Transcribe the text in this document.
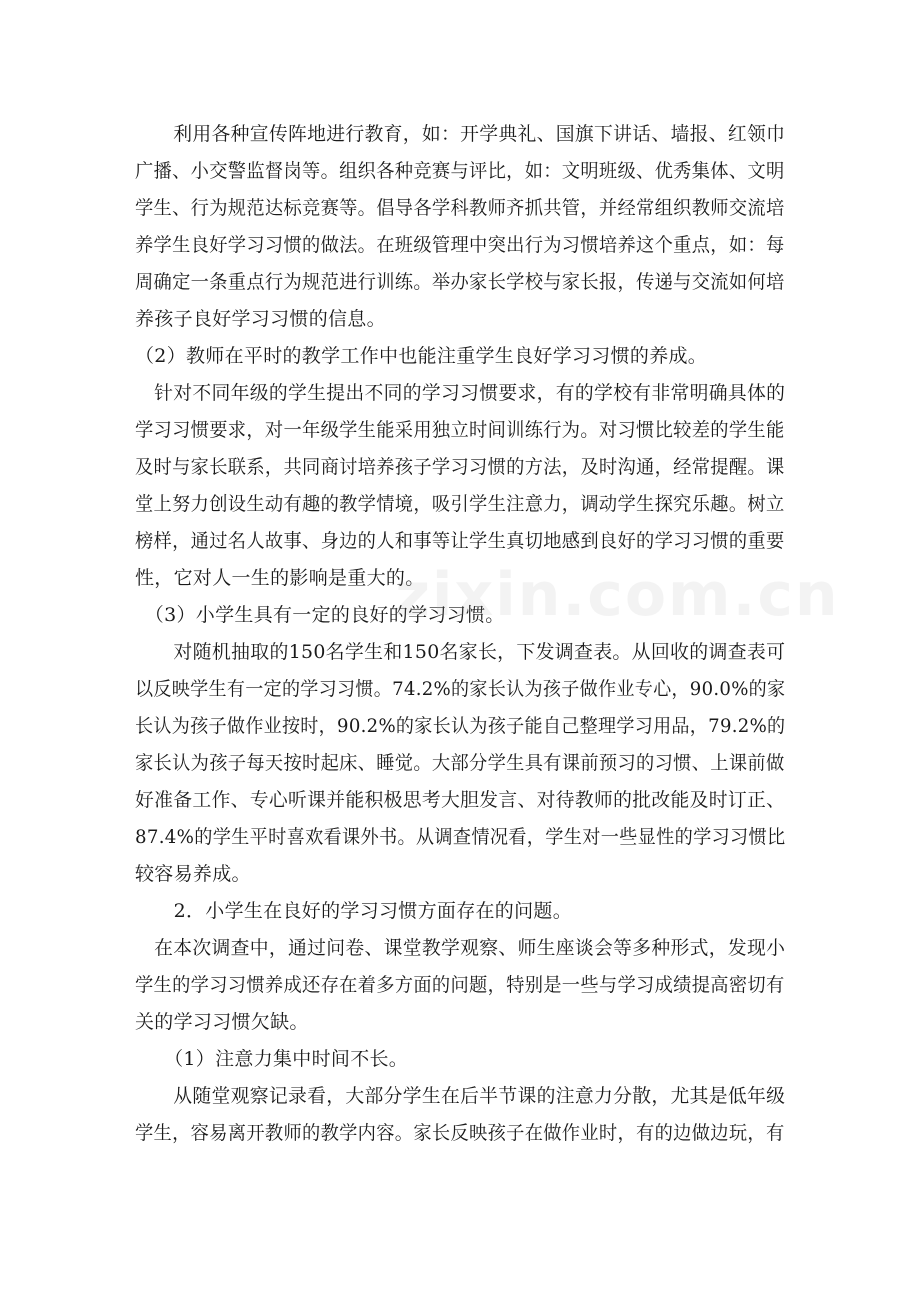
　　利用各种宣传阵地进行教育，如：开学典礼、国旗下讲话、墙报、红领巾
广播、小交警监督岗等。组织各种竞赛与评比，如：文明班级、优秀集体、文明
学生、行为规范达标竞赛等。倡导各学科教师齐抓共管，并经常组织教师交流培
养学生良好学习习惯的做法。在班级管理中突出行为习惯培养这个重点，如：每
周确定一条重点行为规范进行训练。举办家长学校与家长报，传递与交流如何培
养孩子良好学习习惯的信息。
（2）教师在平时的教学工作中也能注重学生良好学习习惯的养成。
　针对不同年级的学生提出不同的学习习惯要求，有的学校有非常明确具体的
学习习惯要求，对一年级学生能采用独立时间训练行为。对习惯比较差的学生能
及时与家长联系，共同商讨培养孩子学习习惯的方法，及时沟通，经常提醒。课
堂上努力创设生动有趣的教学情境，吸引学生注意力，调动学生探究乐趣。树立
榜样，通过名人故事、身边的人和事等让学生真切地感到良好的学习习惯的重要
性，它对人一生的影响是重大的。
　（3）小学生具有一定的良好的学习习惯。
　　对随机抽取的150名学生和150名家长，下发调查表。从回收的调查表可
以反映学生有一定的学习习惯。74.2%的家长认为孩子做作业专心，90.0%的家
长认为孩子做作业按时，90.2%的家长认为孩子能自己整理学习用品，79.2%的
家长认为孩子每天按时起床、睡觉。大部分学生具有课前预习的习惯、上课前做
好准备工作、专心听课并能积极思考大胆发言、对待教师的批改能及时订正、
87.4%的学生平时喜欢看课外书。从调查情况看，学生对一些显性的学习习惯比
较容易养成。
　　2．小学生在良好的学习习惯方面存在的问题。
　在本次调查中，通过问卷、课堂教学观察、师生座谈会等多种形式，发现小
学生的学习习惯养成还存在着多方面的问题，特别是一些与学习成绩提高密切有
关的学习习惯欠缺。
　　（1）注意力集中时间不长。
　　从随堂观察记录看，大部分学生在后半节课的注意力分散，尤其是低年级
学生，容易离开教师的教学内容。家长反映孩子在做作业时，有的边做边玩，有
zixin.com.cn
